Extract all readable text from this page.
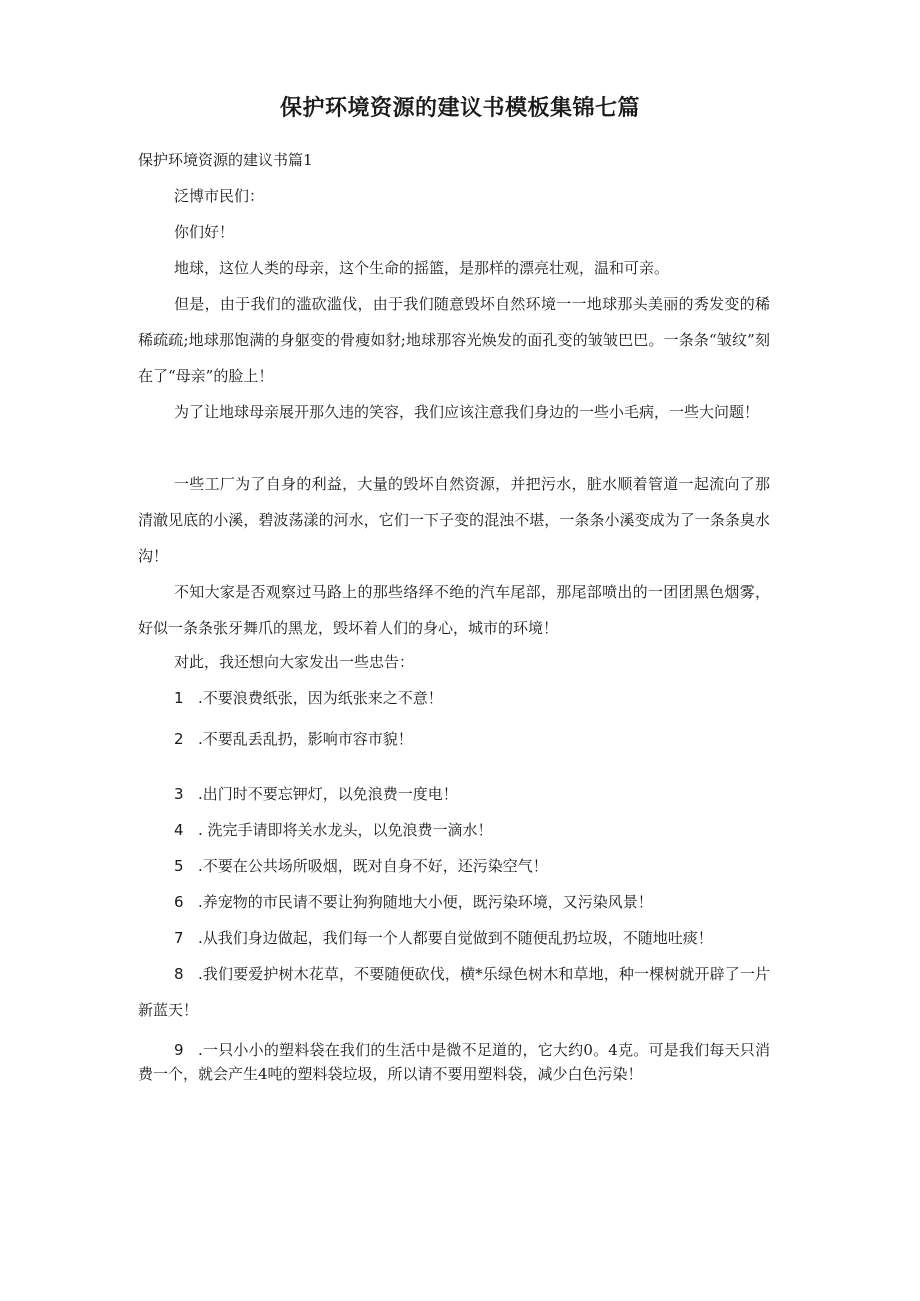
保护环境资源的建议书模板集锦七篇

保护环境资源的建议书篇1

泛博市民们：

你们好！

地球，这位人类的母亲，这个生命的摇篮，是那样的漂亮壮观，温和可亲。

但是，由于我们的滥砍滥伐，由于我们随意毁坏自然环境一一地球那头美丽的秀发变的稀稀疏疏;地球那饱满的身躯变的骨瘦如豺;地球那容光焕发的面孔变的皱皱巴巴。一条条“皱纹”刻在了“母亲”的脸上！

为了让地球母亲展开那久违的笑容，我们应该注意我们身边的一些小毛病，一些大问题！

一些工厂为了自身的利益，大量的毁坏自然资源，并把污水，脏水顺着管道一起流向了那清澈见底的小溪，碧波荡漾的河水，它们一下子变的混浊不堪，一条条小溪变成为了一条条臭水沟！

不知大家是否观察过马路上的那些络绎不绝的汽车尾部，那尾部喷出的一团团黑色烟雾，好似一条条张牙舞爪的黑龙，毁坏着人们的身心，城市的环境！

对此，我还想向大家发出一些忠告：

1 .不要浪费纸张，因为纸张来之不意！

2 .不要乱丢乱扔，影响市容市貌！

3 .出门时不要忘钾灯，以免浪费一度电！

4 . 洗完手请即将关水龙头，以免浪费一滴水！

5 .不要在公共场所吸烟，既对自身不好，还污染空气！

6 .养宠物的市民请不要让狗狗随地大小便，既污染环境，又污染风景！

7 .从我们身边做起，我们每一个人都要自觉做到不随便乱扔垃圾，不随地吐痰！

8 .我们要爱护树木花草，不要随便砍伐，横*乐绿色树木和草地，种一棵树就开辟了一片新蓝天！

9 .一只小小的塑料袋在我们的生活中是微不足道的，它大约0。4克。可是我们每天只消费一个，就会产生4吨的塑料袋垃圾，所以请不要用塑料袋，减少白色污染！
